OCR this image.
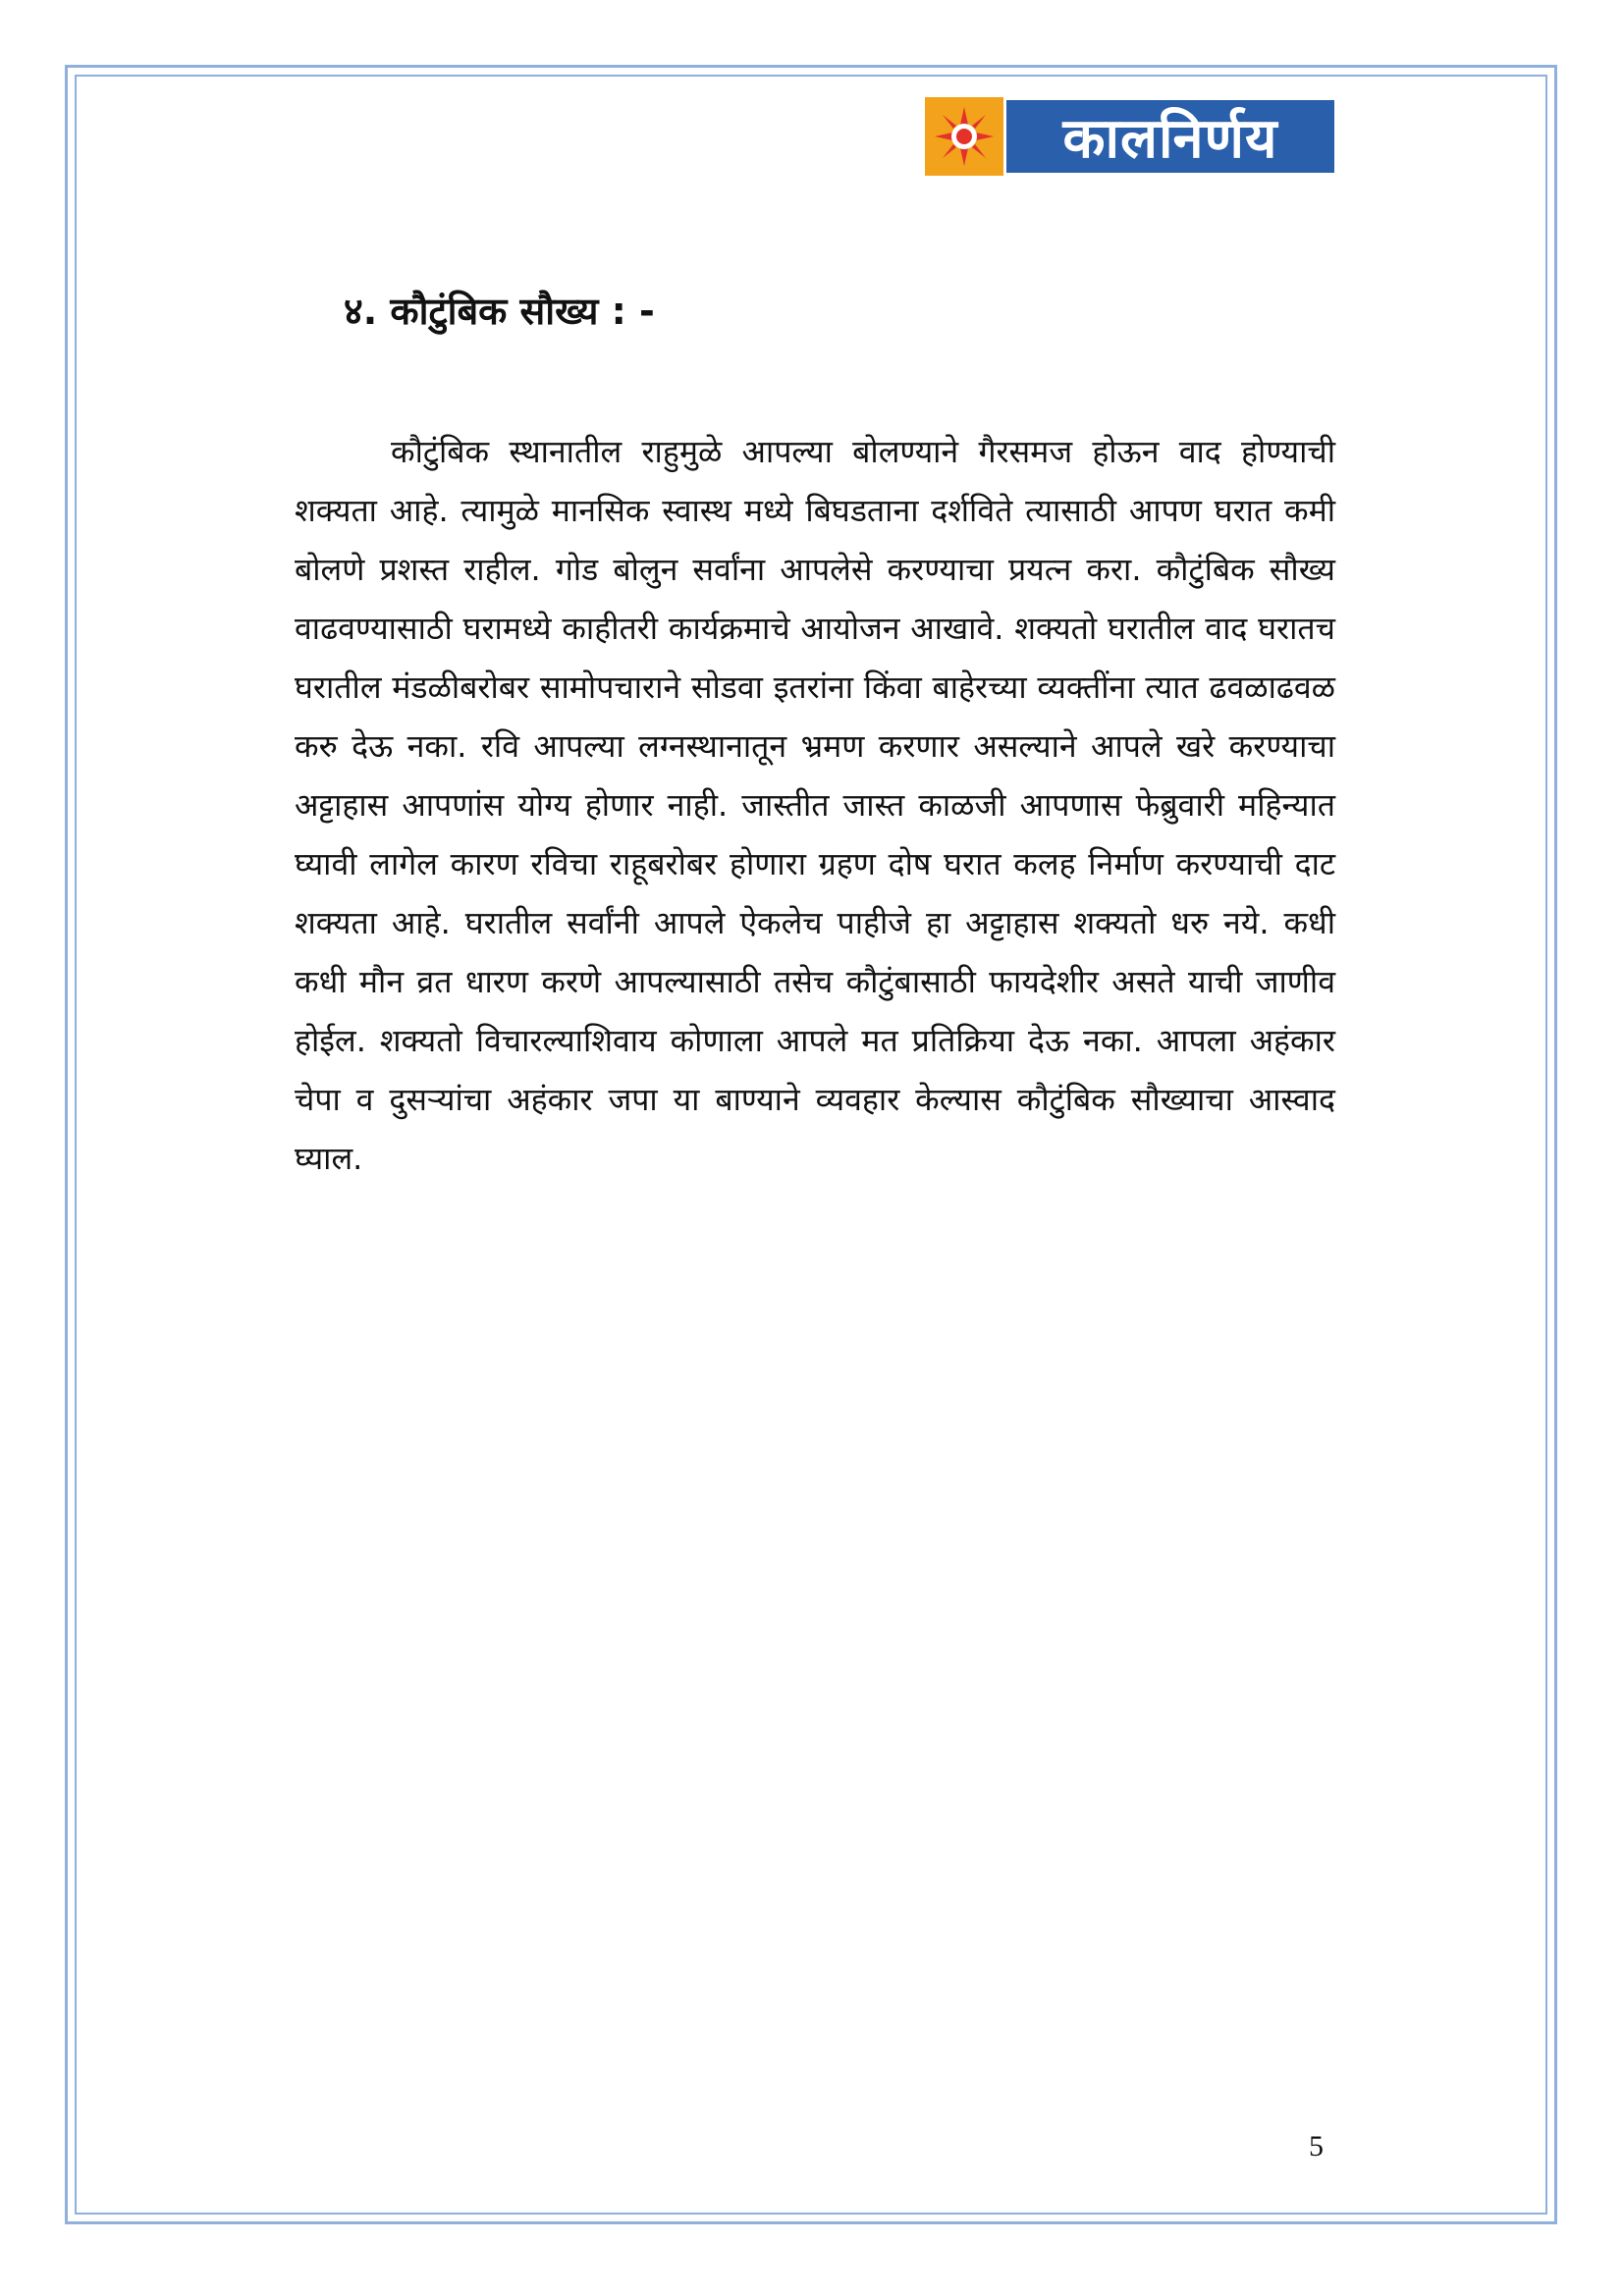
कालनिर्णय
४. कौटुंबिक सौख्य : -

कौटुंबिक स्थानातील राहुमुळे आपल्या बोलण्याने गैरसमज होऊन वाद होण्याची शक्यता आहे. त्यामुळे मानसिक स्वास्थ मध्ये बिघडताना दर्शविते त्यासाठी आपण घरात कमी बोलणे प्रशस्त राहील. गोड बोलुन सर्वांना आपलेसे करण्याचा प्रयत्न करा. कौटुंबिक सौख्य वाढवण्यासाठी घरामध्ये काहीतरी कार्यक्रमाचे आयोजन आखावे. शक्यतो घरातील वाद घरातच घरातील मंडळीबरोबर सामोपचाराने सोडवा इतरांना किंवा बाहेरच्या व्यक्तींना त्यात ढवळाढवळ करु देऊ नका. रवि आपल्या लग्नस्थानातून भ्रमण करणार असल्याने आपले खरे करण्याचा अट्टाहास आपणांस योग्य होणार नाही. जास्तीत जास्त काळजी आपणास फेब्रुवारी महिन्यात घ्यावी लागेल कारण रविचा राहूबरोबर होणारा ग्रहण दोष घरात कलह निर्माण करण्याची दाट शक्यता आहे. घरातील सर्वांनी आपले ऐकलेच पाहीजे हा अट्टाहास शक्यतो धरु नये. कधी कधी मौन व्रत धारण करणे आपल्यासाठी तसेच कौटुंबासाठी फायदेशीर असते याची जाणीव होईल. शक्यतो विचारल्याशिवाय कोणाला आपले मत प्रतिक्रिया देऊ नका. आपला अहंकार चेपा व दुसऱ्यांचा अहंकार जपा या बाण्याने व्यवहार केल्यास कौटुंबिक सौख्याचा आस्वाद घ्याल.

5
